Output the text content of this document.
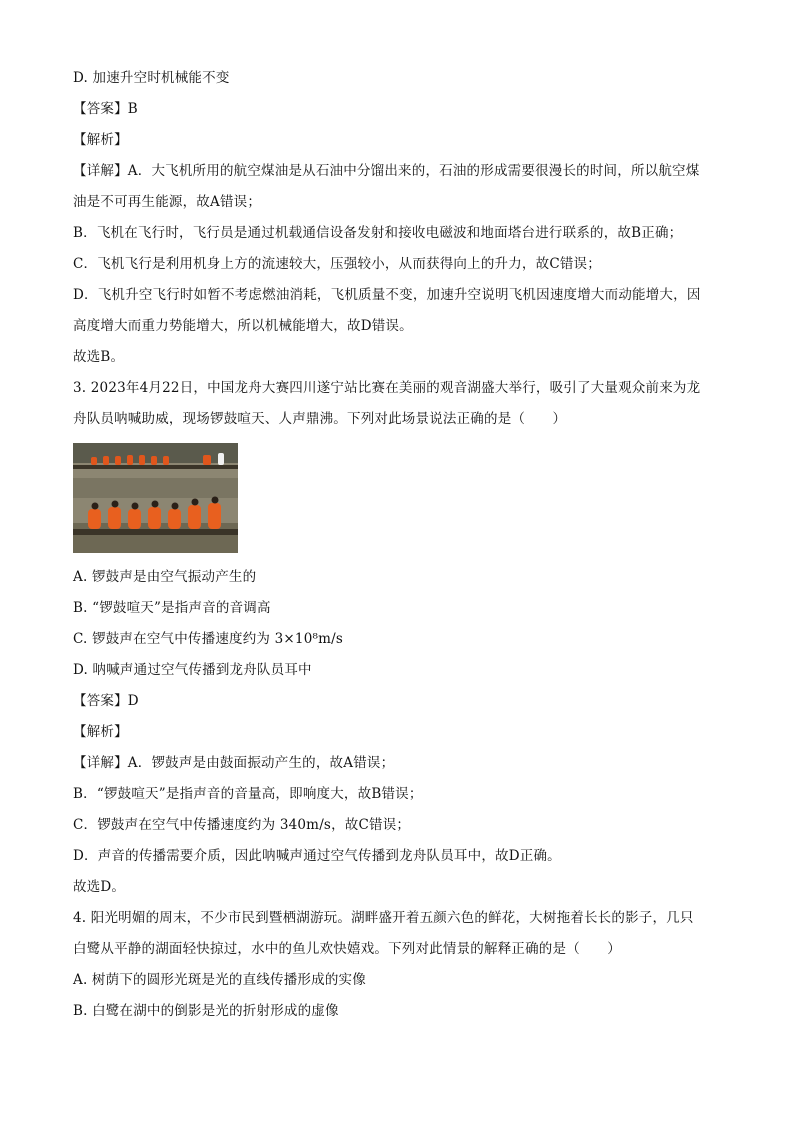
D. 加速升空时机械能不变
【答案】B
【解析】
【详解】A．大飞机所用的航空煤油是从石油中分馏出来的，石油的形成需要很漫长的时间，所以航空煤
油是不可再生能源，故A错误；
B．飞机在飞行时，飞行员是通过机载通信设备发射和接收电磁波和地面塔台进行联系的，故B正确；
C．飞机飞行是利用机身上方的流速较大，压强较小，从而获得向上的升力，故C错误；
D．飞机升空飞行时如暂不考虑燃油消耗，飞机质量不变，加速升空说明飞机因速度增大而动能增大，因
高度增大而重力势能增大，所以机械能增大，故D错误。
故选B。
3. 2023年4月22日，中国龙舟大赛四川遂宁站比赛在美丽的观音湖盛大举行，吸引了大量观众前来为龙
舟队员呐喊助威，现场锣鼓喧天、人声鼎沸。下列对此场景说法正确的是（　　）
A. 锣鼓声是由空气振动产生的
B. “锣鼓喧天”是指声音的音调高
C. 锣鼓声在空气中传播速度约为 3×10⁸m/s
D. 呐喊声通过空气传播到龙舟队员耳中
【答案】D
【解析】
【详解】A．锣鼓声是由鼓面振动产生的，故A错误；
B．“锣鼓喧天”是指声音的音量高，即响度大，故B错误；
C．锣鼓声在空气中传播速度约为 340m/s，故C错误；
D．声音的传播需要介质，因此呐喊声通过空气传播到龙舟队员耳中，故D正确。
故选D。
4. 阳光明媚的周末，不少市民到暨栖湖游玩。湖畔盛开着五颜六色的鲜花，大树拖着长长的影子，几只
白鹭从平静的湖面轻快掠过，水中的鱼儿欢快嬉戏。下列对此情景的解释正确的是（　　）
A. 树荫下的圆形光斑是光的直线传播形成的实像
B. 白鹭在湖中的倒影是光的折射形成的虚像
